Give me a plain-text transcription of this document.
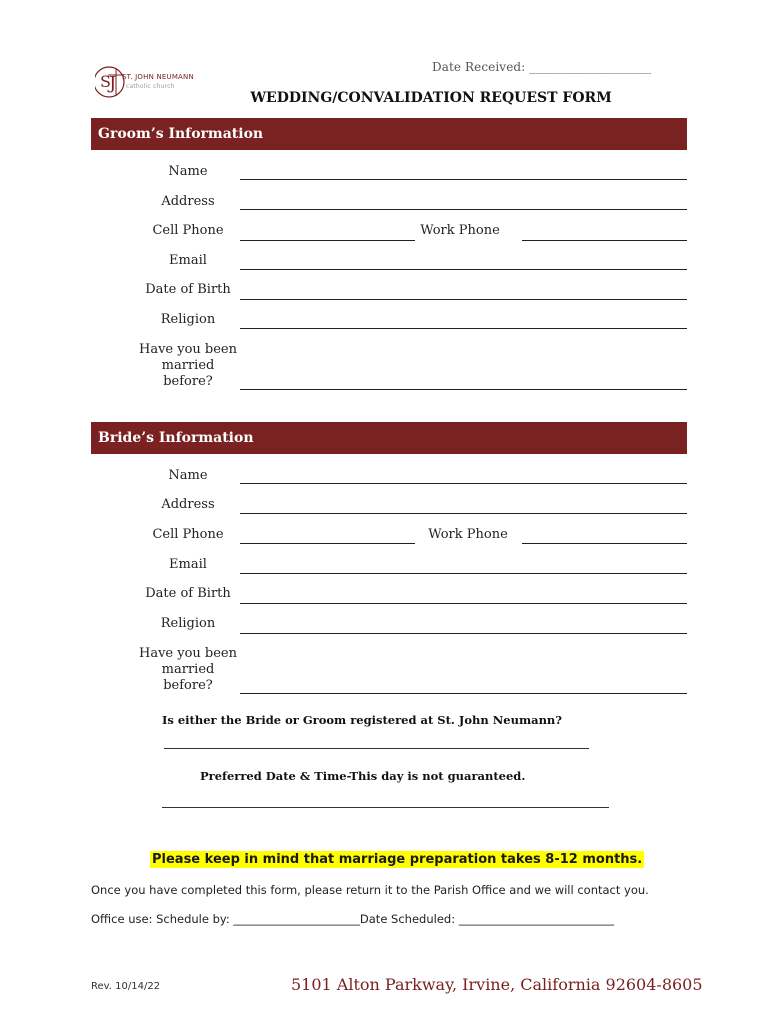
Date Received: ____________________
S
J ST. JOHN NEUMANN
catholic church
WEDDING/CONVALIDATION REQUEST FORM
Groom’s Information
Name
Address
Cell Phone	Work Phone
Email
Date of Birth
Religion
Have you been
married
before?
Bride’s Information
Name
Address
Cell Phone	Work Phone
Email
Date of Birth
Religion
Have you been
married
before?
Is either the Bride or Groom registered at St. John Neumann?
Preferred Date & Time-This day is not guaranteed.
Please keep in mind that marriage preparation takes 8-12 months.
Once you have completed this form, please return it to the Parish Office and we will contact you.
Office use: Schedule by: ______________________Date Scheduled: ___________________________
Rev. 10/14/22	5101 Alton Parkway, Irvine, California 92604-8605
